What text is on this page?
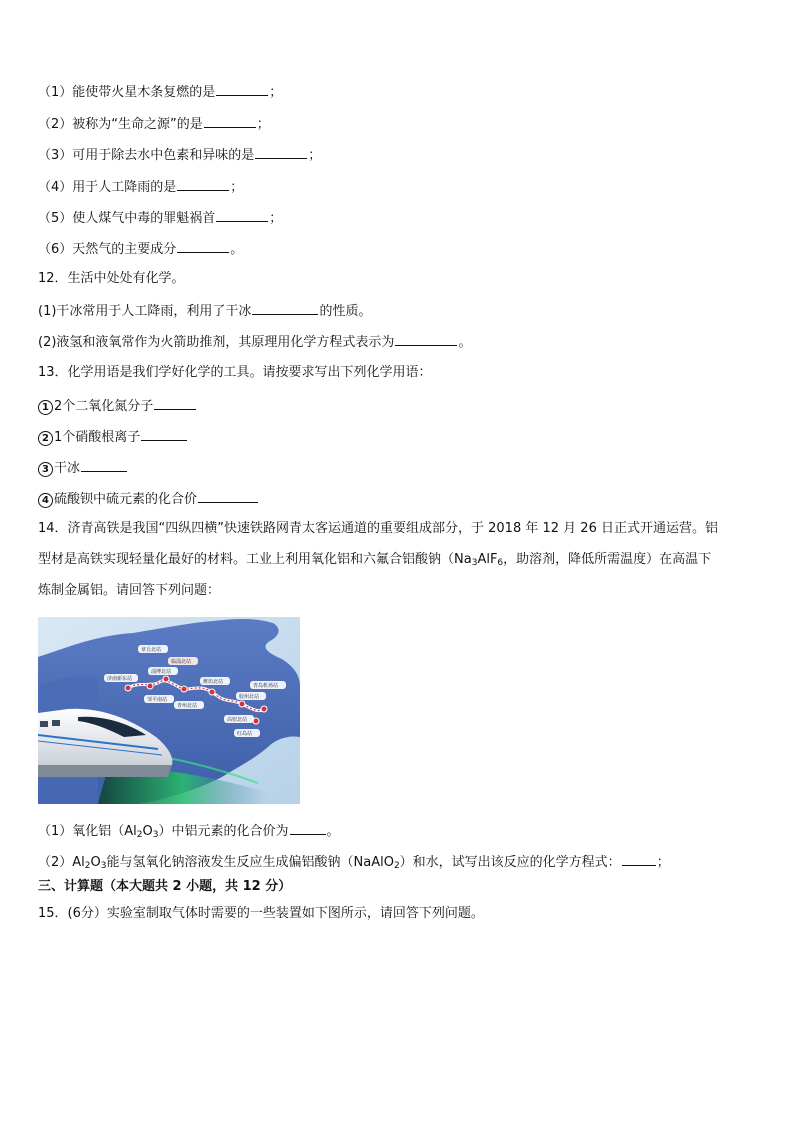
（1）能使带火星木条复燃的是	；
（2）被称为“生命之源”的是	；
（3）可用于除去水中色素和异味的是	；
（4）用于人工降雨的是	；
（5）使人煤气中毒的罪魁祸首	；
（6）天然气的主要成分	。
12．生活中处处有化学。
(1)干冰常用于人工降雨，利用了干冰	的性质。
(2)液氢和液氧常作为火箭助推剂，其原理用化学方程式表示为	。
13．化学用语是我们学好化学的工具。请按要求写出下列化学用语：
1 2个二氧化氮分子
2 1个硝酸根离子
3 干冰
4 硫酸钡中硫元素的化合价
14．济青高铁是我国“四纵四横”快速铁路网青太客运通道的重要组成部分，于 2018 年 12 月 26 日正式开通运营。铝
型材是高铁实现轻量化最好的材料。工业上利用氧化铝和六氟合铝酸钠（$Na_3AlF_6$，助溶剂，降低所需温度）在高温下
炼制金属铝。请回答下列问题：
章丘北站
临淄北站
济南新东站
淄博北站
潍坊北站
青岛机场站
胶州北站
邹平南站
青州北站
高密北站
红岛站
（1）氧化铝$(Al_2O_3)$中铝元素的化合价为	。
$(2)Al_2O_3$能与氢氧化钠溶液发生反应生成偏铝酸钠（NaAlO$_2$）和水，试写出该反应的化学方程式：	；
三、计算题（本大题共 2 小题，共 12 分）
15．(6分）实验室制取气体时需要的一些装置如下图所示，请回答下列问题。
